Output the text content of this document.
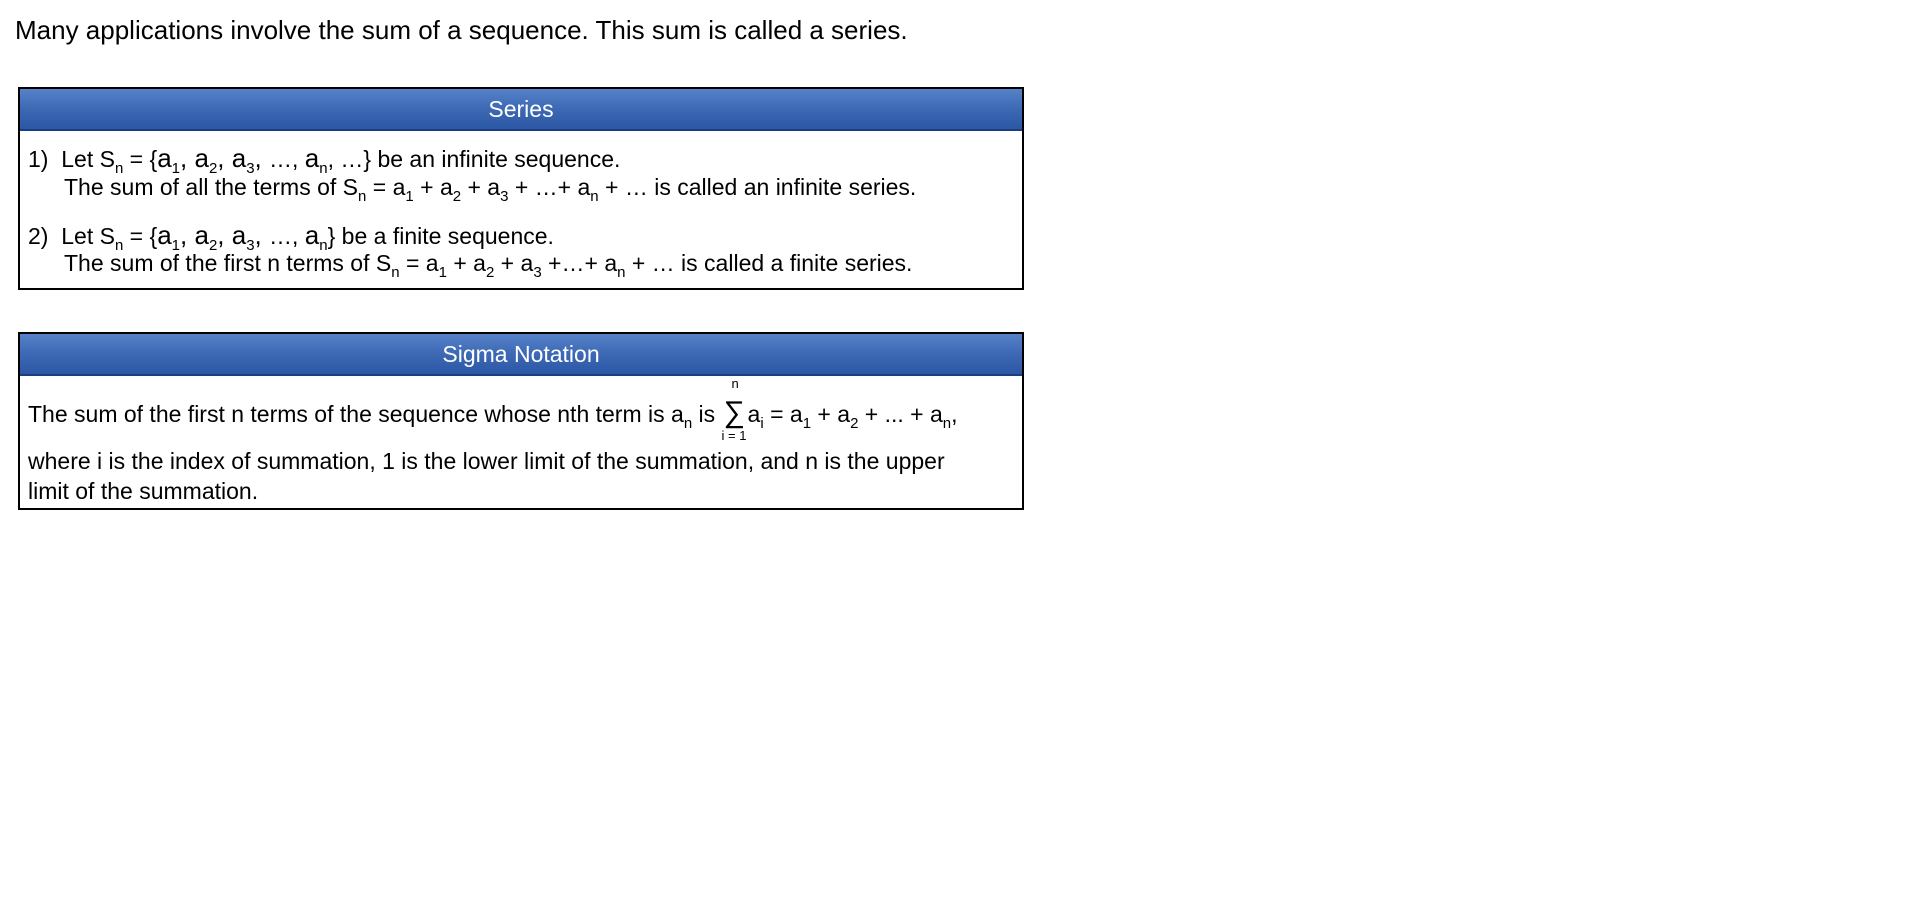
Many applications involve the sum of a sequence. This sum is called a series.
Series
1) Let $S_n = \{a_1$, $a_2$, $a_3$, …, $a_n$, …} be an infinite sequence.
The sum of all the terms of $S_n = a_1 + a_2 + a_3$ + …+ $a_n$ + … is called an infinite series.
2) Let $S_n = \{a_1$, $a_2$, $a_3$, …, $a_n$} be a finite sequence.
The sum of the first n terms of $S_n = a_1 + a_2 + a_3$ +…+ $a_n$ + … is called a finite series.
Sigma Notation
The sum of the first n terms of the sequence whose nth term is $a_n$ is
n
∑
i = 1
$a_i = a_1 + a_2$ + ... + $a_n$,
where i is the index of summation, 1 is the lower limit of the summation, and n is the upper
limit of the summation.
